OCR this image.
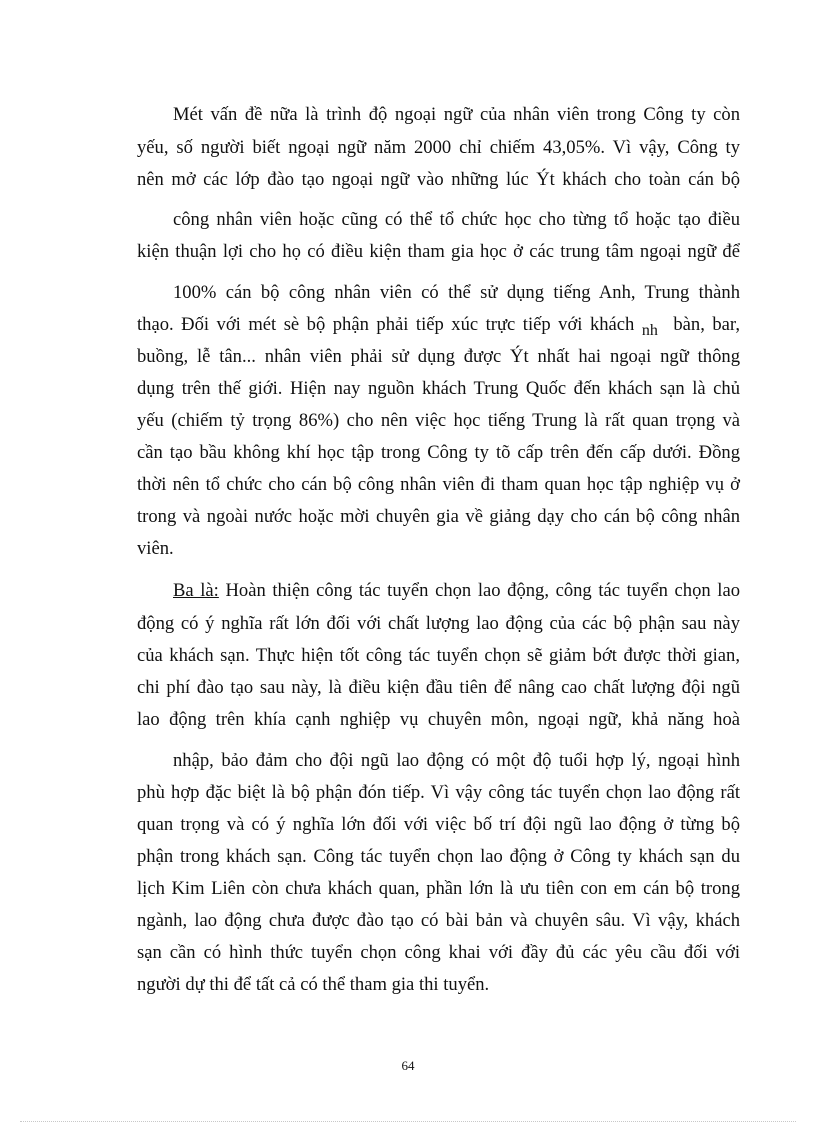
Mét vấn đề nữa là trình độ ngoại ngữ của nhân viên trong Công ty còn
yếu, số người biết ngoại ngữ năm 2000 chỉ chiếm 43,05%. Vì vậy, Công ty
nên mở các lớp đào tạo ngoại ngữ vào những lúc Ýt khách cho toàn cán bộ
công nhân viên hoặc cũng có thể tổ chức học cho từng tổ hoặc tạo điều
kiện thuận lợi cho họ có điều kiện tham gia học ở các trung tâm ngoại ngữ để
100% cán bộ công nhân viên có thể sử dụng tiếng Anh, Trung thành
thạo. Đối với mét sè bộ phận phải tiếp xúc trực tiếp với khách nh bàn, bar,
buồng, lễ tân... nhân viên phải sử dụng được Ýt nhất hai ngoại ngữ thông
dụng trên thế giới. Hiện nay nguồn khách Trung Quốc đến khách sạn là chủ
yếu (chiếm tỷ trọng 86%) cho nên việc học tiếng Trung là rất quan trọng và
cần tạo bầu không khí học tập trong Công ty tõ cấp trên đến cấp dưới. Đồng
thời nên tổ chức cho cán bộ công nhân viên đi tham quan học tập nghiệp vụ ở
trong và ngoài nước hoặc mời chuyên gia về giảng dạy cho cán bộ công nhân
viên.
Ba là: Hoàn thiện công tác tuyển chọn lao động, công tác tuyển chọn lao
động có ý nghĩa rất lớn đối với chất lượng lao động của các bộ phận sau này
của khách sạn. Thực hiện tốt công tác tuyển chọn sẽ giảm bớt được thời gian,
chi phí đào tạo sau này, là điều kiện đầu tiên để nâng cao chất lượng đội ngũ
lao động trên khía cạnh nghiệp vụ chuyên môn, ngoại ngữ, khả năng hoà
nhập, bảo đảm cho đội ngũ lao động có một độ tuổi hợp lý, ngoại hình
phù hợp đặc biệt là bộ phận đón tiếp. Vì vậy công tác tuyển chọn lao động rất
quan trọng và có ý nghĩa lớn đối với việc bố trí đội ngũ lao động ở từng bộ
phận trong khách sạn. Công tác tuyển chọn lao động ở Công ty khách sạn du
lịch Kim Liên còn chưa khách quan, phần lớn là ưu tiên con em cán bộ trong
ngành, lao động chưa được đào tạo có bài bản và chuyên sâu. Vì vậy, khách
sạn cần có hình thức tuyển chọn công khai với đầy đủ các yêu cầu đối với
người dự thi để tất cả có thể tham gia thi tuyển.
64
